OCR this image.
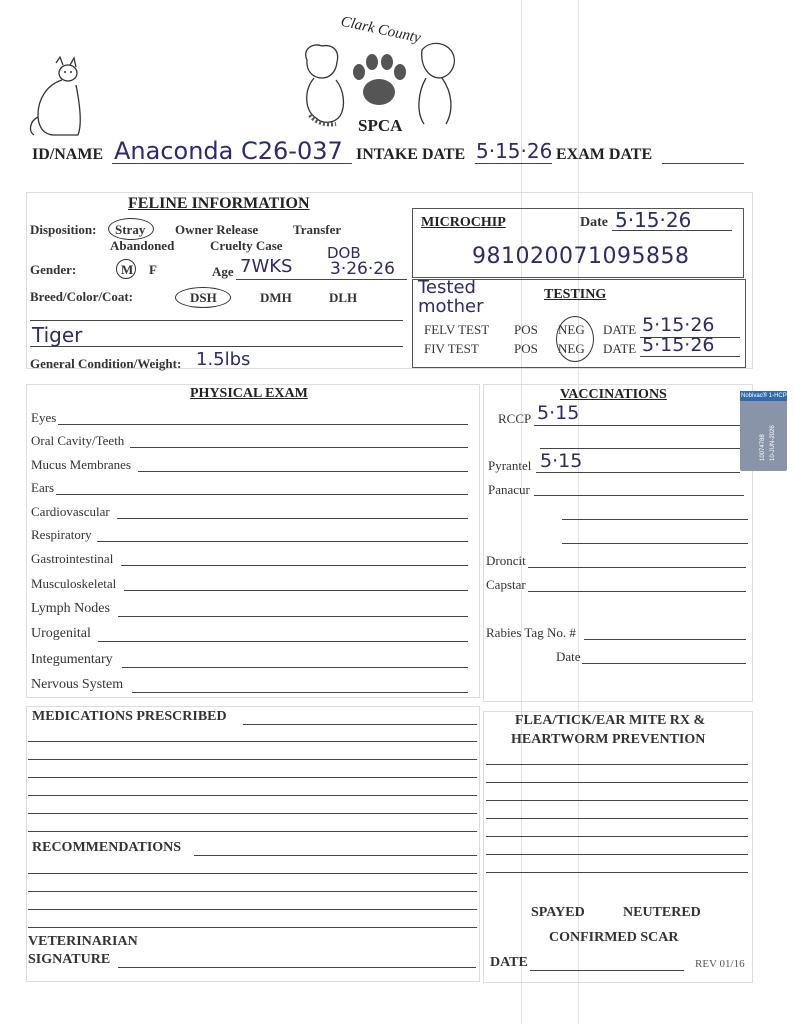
Clark County
SPCA
ID/NAME Anaconda C26-037 INTAKE DATE 5·15·26 EXAM DATE
FELINE INFORMATION
Disposition: Stray Owner Release	Transfer
Abandoned	Cruelty Case
Gender:	M F	Age 7WKS
DOB
3·26·26
Breed/Color/Coat:	DSH	DMH	DLH
Tiger
General Condition/Weight: 1.5lbs
MICROCHIP	Date 5·15·26
981020071095858
Tested mother
TESTING
FELV TEST POS NEG DATE 5·15·26
FIV TEST	POS NEG DATE 5·15·26
PHYSICAL EXAM
Eyes
Oral Cavity/Teeth
Mucus Membranes
Ears
Cardiovascular
Respiratory
Gastrointestinal
Musculoskeletal
Lymph Nodes
Urogenital
Integumentary
Nervous System
VACCINATIONS
RCCP 5·15
Pyrantel 5·15
Panacur
Droncit
Capstar
Rabies Tag No. #
Date
Nobivac® 1-HCPCh
10074788 10-JUN-2026
MEDICATIONS PRESCRIBED
RECOMMENDATIONS
VETERINARIAN
SIGNATURE
FLEA/TICK/EAR MITE RX &
HEARTWORM PREVENTION
SPAYED	NEUTERED
CONFIRMED SCAR
DATE	REV 01/16
